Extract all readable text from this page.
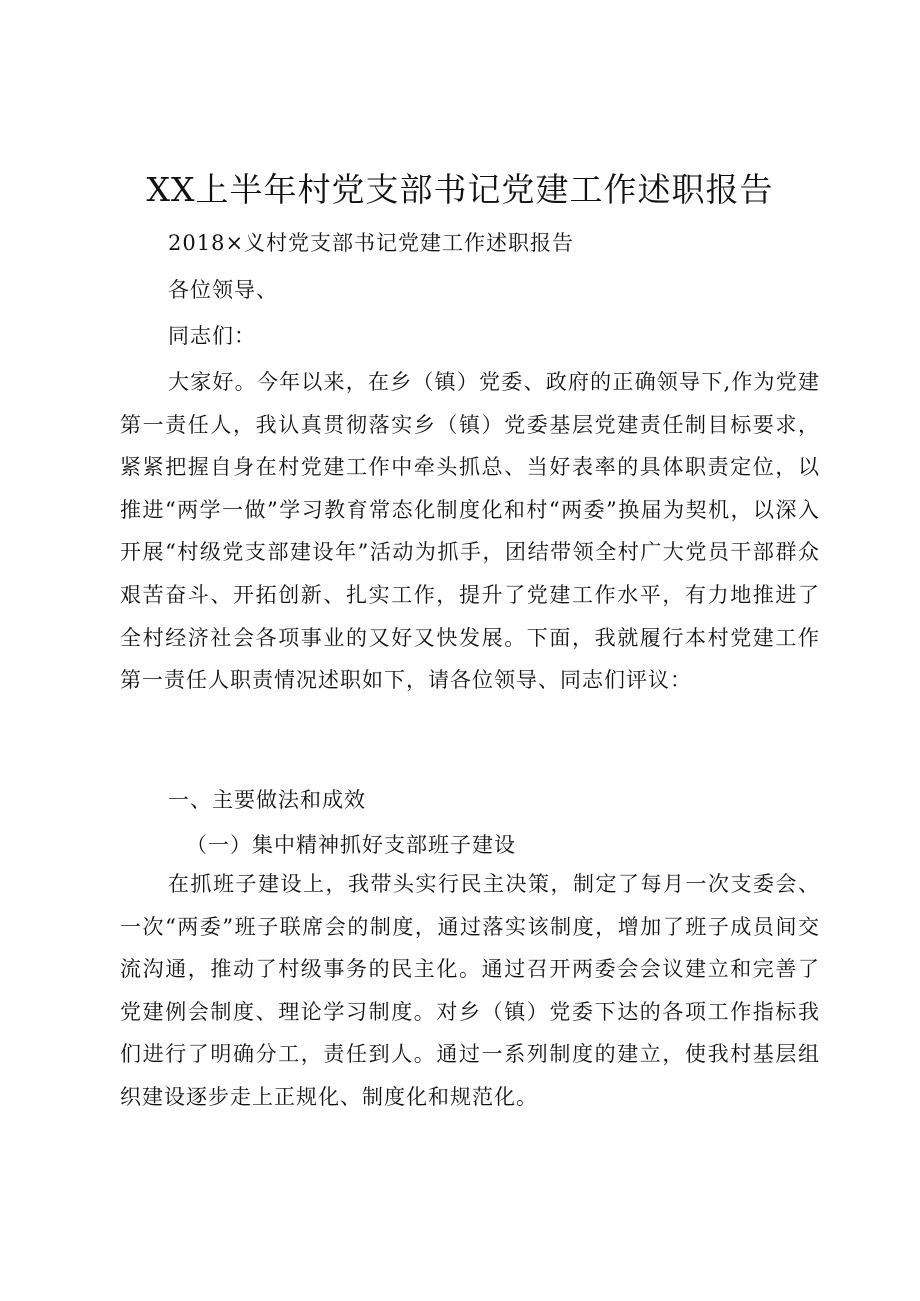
XX上半年村党支部书记党建工作述职报告

2018×义村党支部书记党建工作述职报告

各位领导、

同志们：

大家好。今年以来，在乡（镇）党委、政府的正确领导下,作为党建第一责任人，我认真贯彻落实乡（镇）党委基层党建责任制目标要求，紧紧把握自身在村党建工作中牵头抓总、当好表率的具体职责定位，以推进“两学一做”学习教育常态化制度化和村“两委”换届为契机，以深入开展“村级党支部建设年”活动为抓手，团结带领全村广大党员干部群众艰苦奋斗、开拓创新、扎实工作，提升了党建工作水平，有力地推进了全村经济社会各项事业的又好又快发展。下面，我就履行本村党建工作第一责任人职责情况述职如下，请各位领导、同志们评议：

一、主要做法和成效

（一）集中精神抓好支部班子建设

在抓班子建设上，我带头实行民主决策，制定了每月一次支委会、一次“两委”班子联席会的制度，通过落实该制度，增加了班子成员间交流沟通，推动了村级事务的民主化。通过召开两委会会议建立和完善了党建例会制度、理论学习制度。对乡（镇）党委下达的各项工作指标我们进行了明确分工，责任到人。通过一系列制度的建立，使我村基层组织建设逐步走上正规化、制度化和规范化。
